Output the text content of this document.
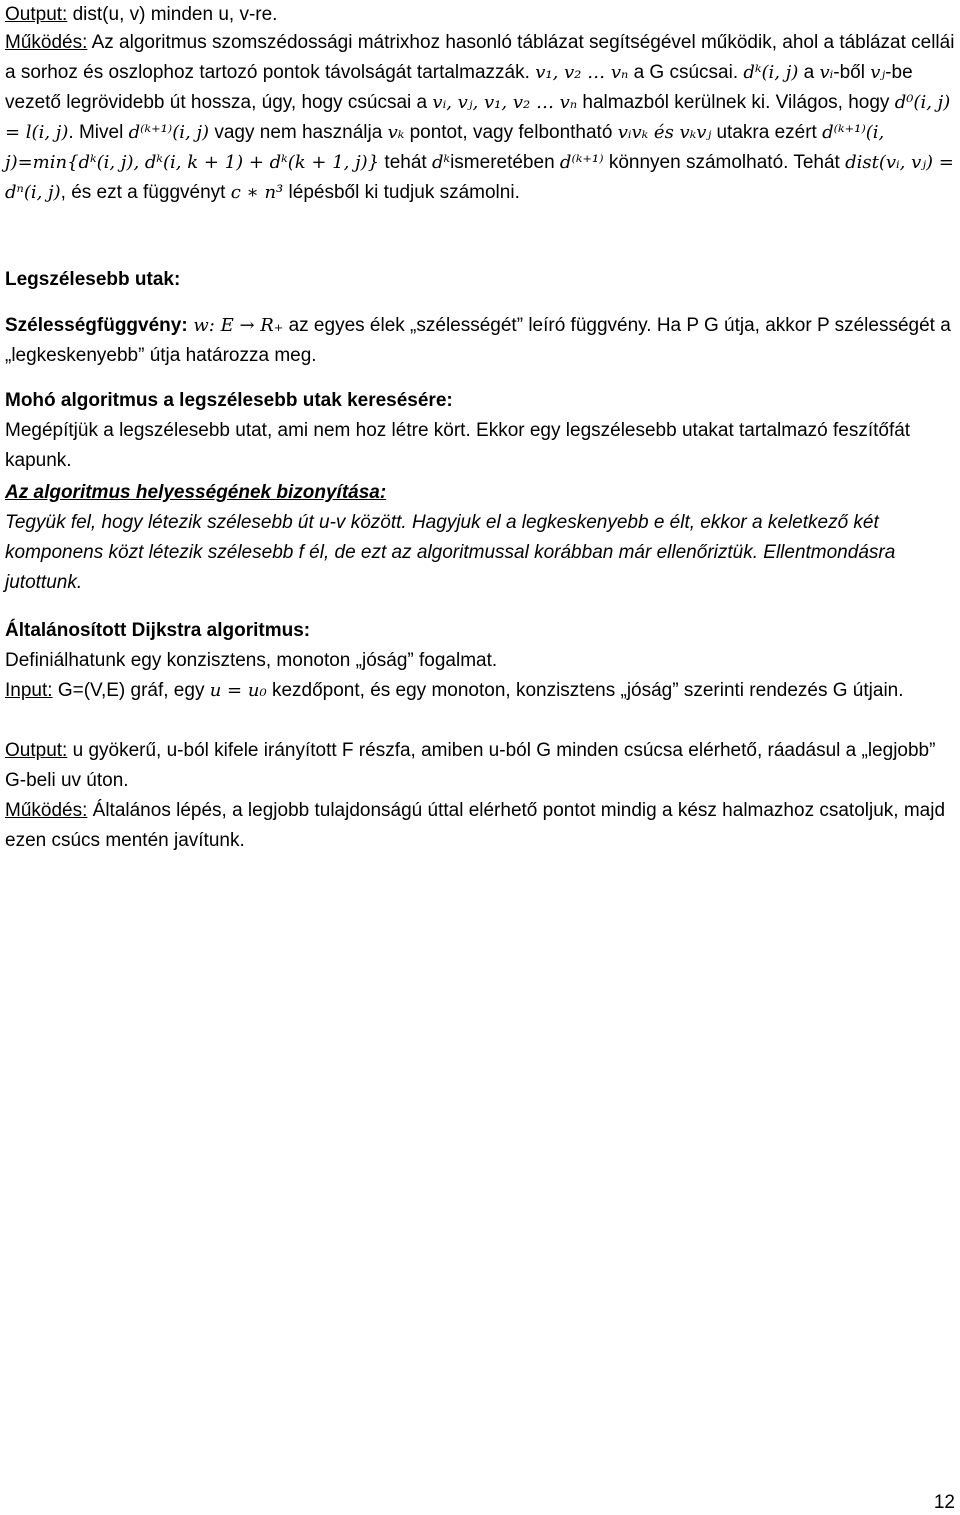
Output: dist(u, v) minden u, v-re.

Működés: Az algoritmus szomszédossági mátrixhoz hasonló táblázat segítségével működik, ahol a táblázat cellái a sorhoz és oszlophoz tartozó pontok távolságát tartalmazzák. v₁, v₂ … vₙ a G csúcsai. dᵏ(i, j) a vᵢ-ből vⱼ-be vezető legrövidebb út hossza, úgy, hogy csúcsai a vᵢ, vⱼ, v₁, v₂ … vₙ halmazból kerülnek ki. Világos, hogy d⁰(i, j) = l(i, j). Mivel d⁽ᵏ⁺¹⁾(i, j) vagy nem használja vₖ pontot, vagy felbontható vᵢvₖ és vₖvⱼ utakra ezért d⁽ᵏ⁺¹⁾(i, j)=min{dᵏ(i, j), dᵏ(i, k + 1) + dᵏ(k + 1, j)} tehát dᵏismeretében d⁽ᵏ⁺¹⁾ könnyen számolható. Tehát dist(vᵢ, vⱼ) = dⁿ(i, j), és ezt a függvényt c ∗ n³ lépésből ki tudjuk számolni.

Legszélesebb utak:

Szélességfüggvény: w: E → R₊ az egyes élek „szélességét” leíró függvény. Ha P G útja, akkor P szélességét a „legkeskenyebb” útja határozza meg.

Mohó algoritmus a legszélesebb utak keresésére:

Megépítjük a legszélesebb utat, ami nem hoz létre kört. Ekkor egy legszélesebb utakat tartalmazó feszítőfát kapunk.

Az algoritmus helyességének bizonyítása:

Tegyük fel, hogy létezik szélesebb út u-v között. Hagyjuk el a legkeskenyebb e élt, ekkor a keletkező két komponens közt létezik szélesebb f él, de ezt az algoritmussal korábban már ellenőriztük. Ellentmondásra jutottunk.

Általánosított Dijkstra algoritmus:

Definiálhatunk egy konzisztens, monoton „jóság” fogalmat.

Input: G=(V,E) gráf, egy u = u₀ kezdőpont, és egy monoton, konzisztens „jóság” szerinti rendezés G útjain.

Output: u gyökerű, u-ból kifele irányított F részfa, amiben u-ból G minden csúcsa elérhető, ráadásul a „legjobb” G-beli uv úton.

Működés: Általános lépés, a legjobb tulajdonságú úttal elérhető pontot mindig a kész halmazhoz csatoljuk, majd ezen csúcs mentén javítunk.

12
